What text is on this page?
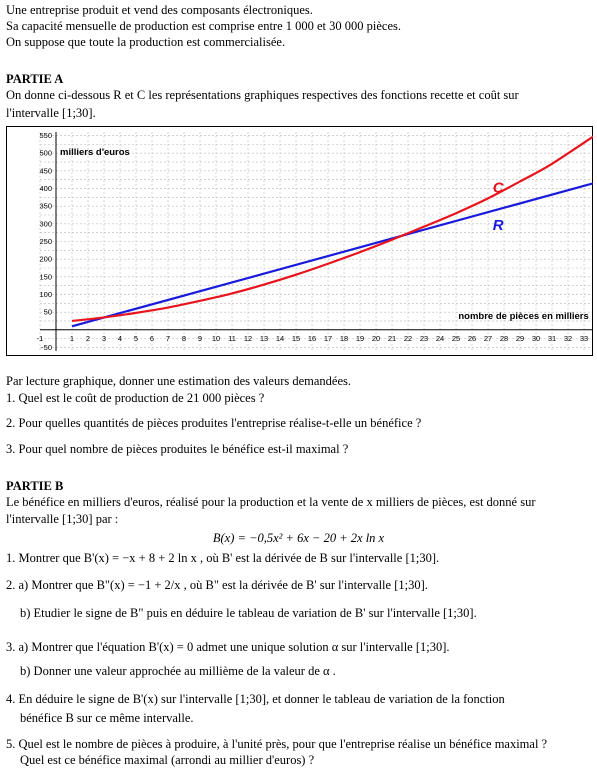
Une entreprise produit et vend des composants électroniques.
Sa capacité mensuelle de production est comprise entre 1 000 et 30 000 pièces.
On suppose que toute la production est commercialisée.
PARTIE A
On donne ci-dessous R et C les représentations graphiques respectives des fonctions recette et coût sur
l'intervalle [1;30].
-1	1 2 3 4 5 6 7 8 9 10 11 12 13 14 15 16 17 18 19 20 21 22 23 24 25 26 27 28 29 30 31 32 33
-50
50
100
150
200
250
300
350
400
450
500
550
milliers d'euros
nombre de pièces en milliers
C
R
Par lecture graphique, donner une estimation des valeurs demandées.
1. Quel est le coût de production de 21 000 pièces ?
2. Pour quelles quantités de pièces produites l'entreprise réalise-t-elle un bénéfice ?
3. Pour quel nombre de pièces produites le bénéfice est-il maximal ?
PARTIE B
Le bénéfice en milliers d'euros, réalisé pour la production et la vente de x milliers de pièces, est donné sur
l'intervalle [1;30] par :
B(x) = −0,5x² + 6x − 20 + 2x ln x
1. Montrer que B'(x) = −x + 8 + 2 ln x , où B' est la dérivée de B sur l'intervalle [1;30].
2. a) Montrer que B"(x) = −1 + 2/x , où B" est la dérivée de B' sur l'intervalle [1;30].
b) Etudier le signe de B" puis en déduire le tableau de variation de B' sur l'intervalle [1;30].
3. a) Montrer que l'équation B'(x) = 0 admet une unique solution α sur l'intervalle [1;30].
b) Donner une valeur approchée au millième de la valeur de α .
4. En déduire le signe de B'(x) sur l'intervalle [1;30], et donner le tableau de variation de la fonction
bénéfice B sur ce même intervalle.
5. Quel est le nombre de pièces à produire, à l'unité près, pour que l'entreprise réalise un bénéfice maximal ?
Quel est ce bénéfice maximal (arrondi au millier d'euros) ?
